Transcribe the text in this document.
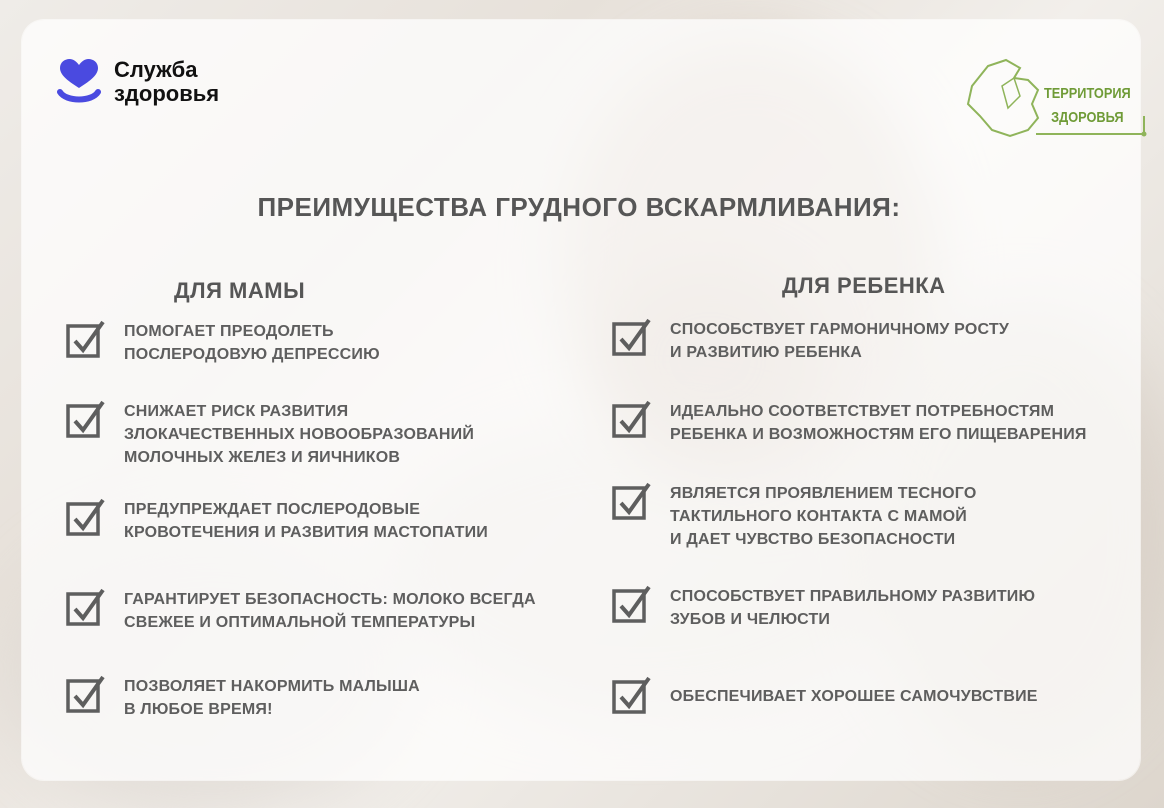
Служба
здоровья	ТЕРРИТОРИЯ
ЗДОРОВЬЯ
ПРЕИМУЩЕСТВА ГРУДНОГО ВСКАРМЛИВАНИЯ:
ДЛЯ МАМЫ	ДЛЯ РЕБЕНКА
ПОМОГАЕТ ПРЕОДОЛЕТЬ
ПОСЛЕРОДОВУЮ ДЕПРЕССИЮ
СНИЖАЕТ РИСК РАЗВИТИЯ
ЗЛОКАЧЕСТВЕННЫХ НОВООБРАЗОВАНИЙ
МОЛОЧНЫХ ЖЕЛЕЗ И ЯИЧНИКОВ
ПРЕДУПРЕЖДАЕТ ПОСЛЕРОДОВЫЕ
КРОВОТЕЧЕНИЯ И РАЗВИТИЯ МАСТОПАТИИ
ГАРАНТИРУЕТ БЕЗОПАСНОСТЬ: МОЛОКО ВСЕГДА
СВЕЖЕЕ И ОПТИМАЛЬНОЙ ТЕМПЕРАТУРЫ
ПОЗВОЛЯЕТ НАКОРМИТЬ МАЛЫША
В ЛЮБОЕ ВРЕМЯ!
СПОСОБСТВУЕТ ГАРМОНИЧНОМУ РОСТУ
И РАЗВИТИЮ РЕБЕНКА
ИДЕАЛЬНО СООТВЕТСТВУЕТ ПОТРЕБНОСТЯМ
РЕБЕНКА И ВОЗМОЖНОСТЯМ ЕГО ПИЩЕВАРЕНИЯ
ЯВЛЯЕТСЯ ПРОЯВЛЕНИЕМ ТЕСНОГО
ТАКТИЛЬНОГО КОНТАКТА С МАМОЙ
И ДАЕТ ЧУВСТВО БЕЗОПАСНОСТИ
СПОСОБСТВУЕТ ПРАВИЛЬНОМУ РАЗВИТИЮ
ЗУБОВ И ЧЕЛЮСТИ
ОБЕСПЕЧИВАЕТ ХОРОШЕЕ САМОЧУВСТВИЕ
